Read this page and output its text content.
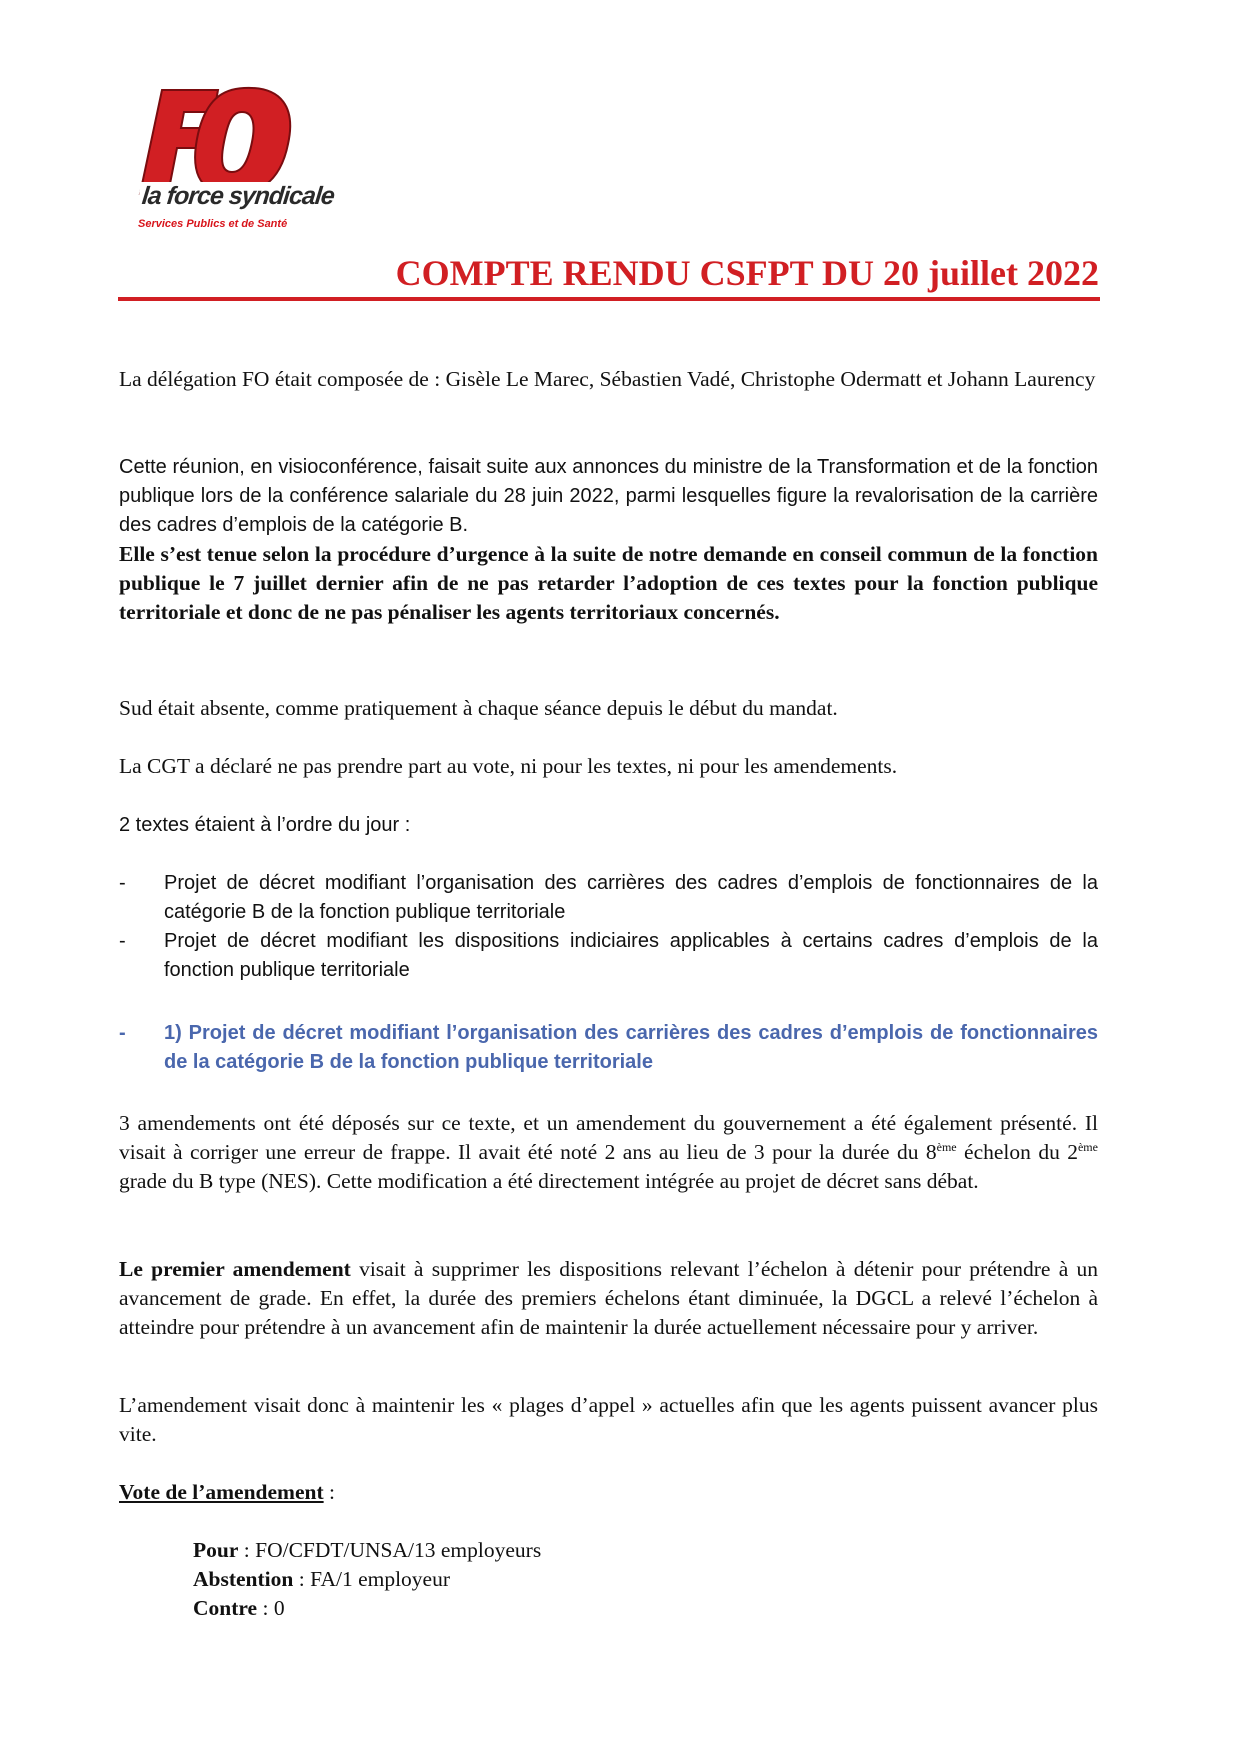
la force syndicale
Services Publics et de Santé
COMPTE RENDU CSFPT DU 20 juillet 2022

La délégation FO était composée de : Gisèle Le Marec, Sébastien Vadé, Christophe Odermatt et Johann Laurency

Cette réunion, en visioconférence, faisait suite aux annonces du ministre de la Transformation et de la fonction publique lors de la conférence salariale du 28 juin 2022, parmi lesquelles figure la revalorisation de la carrière des cadres d’emplois de la catégorie B.

Elle s’est tenue selon la procédure d’urgence à la suite de notre demande en conseil commun de la fonction publique le 7 juillet dernier afin de ne pas retarder l’adoption de ces textes pour la fonction publique territoriale et donc de ne pas pénaliser les agents territoriaux concernés.

Sud était absente, comme pratiquement à chaque séance depuis le début du mandat.

La CGT a déclaré ne pas prendre part au vote, ni pour les textes, ni pour les amendements.

2 textes étaient à l’ordre du jour :

- Projet de décret modifiant l’organisation des carrières des cadres d’emplois de fonctionnaires de la catégorie B de la fonction publique territoriale
- Projet de décret modifiant les dispositions indiciaires applicables à certains cadres d’emplois de la fonction publique territoriale
- 1) Projet de décret modifiant l’organisation des carrières des cadres d’emplois de fonctionnaires de la catégorie B de la fonction publique territoriale

3 amendements ont été déposés sur ce texte, et un amendement du gouvernement a été également présenté. Il visait à corriger une erreur de frappe. Il avait été noté 2 ans au lieu de 3 pour la durée du 8ème échelon du 2ème grade du B type (NES). Cette modification a été directement intégrée au projet de décret sans débat.

Le premier amendement visait à supprimer les dispositions relevant l’échelon à détenir pour prétendre à un avancement de grade. En effet, la durée des premiers échelons étant diminuée, la DGCL a relevé l’échelon à atteindre pour prétendre à un avancement afin de maintenir la durée actuellement nécessaire pour y arriver.

L’amendement visait donc à maintenir les « plages d’appel » actuelles afin que les agents puissent avancer plus vite.

Vote de l’amendement :

Pour : FO/CFDT/UNSA/13 employeurs
Abstention : FA/1 employeur
Contre : 0
